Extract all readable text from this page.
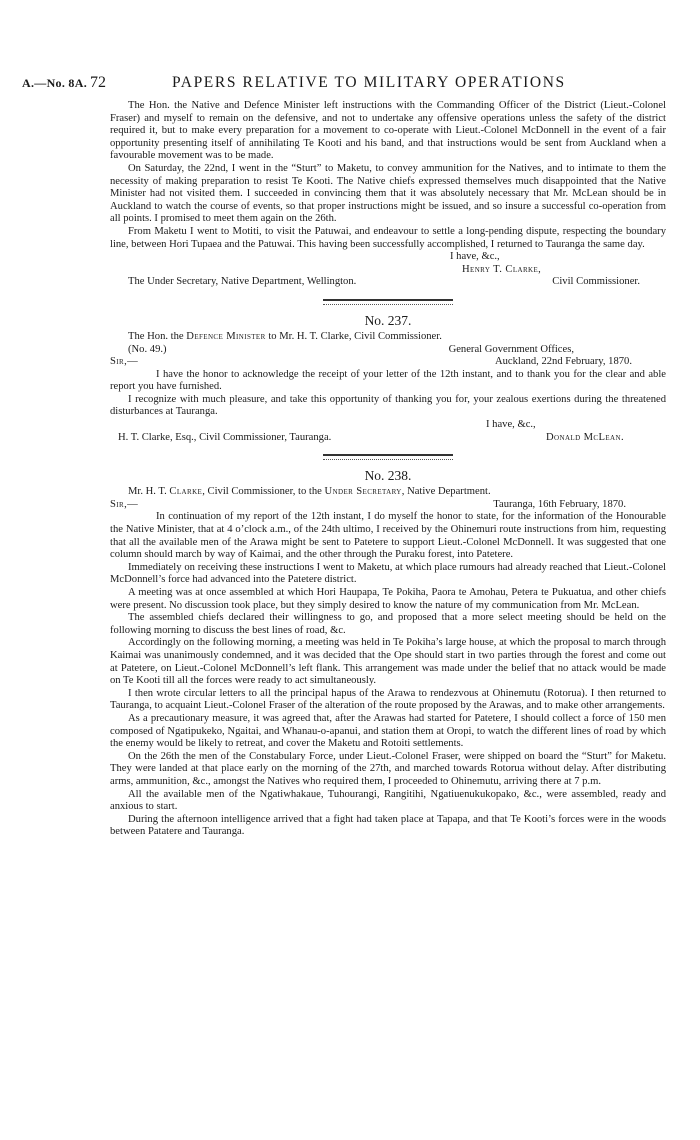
A.—No. 8A. 72	PAPERS RELATIVE TO MILITARY OPERATIONS

The Hon. the Native and Defence Minister left instructions with the Commanding Officer of the District (Lieut.-Colonel Fraser) and myself to remain on the defensive, and not to undertake any offensive operations unless the safety of the district required it, but to make every preparation for a movement to co-operate with Lieut.-Colonel McDonnell in the event of a fair opportunity presenting itself of annihilating Te Kooti and his band, and that instructions would be sent from Auckland when a favourable movement was to be made.

On Saturday, the 22nd, I went in the “Sturt” to Maketu, to convey ammunition for the Natives, and to intimate to them the necessity of making preparation to resist Te Kooti. The Native chiefs expressed themselves much disappointed that the Native Minister had not visited them. I succeeded in convincing them that it was absolutely necessary that Mr. McLean should be in Auckland to watch the course of events, so that proper instructions might be issued, and so insure a successful co-operation from all points. I promised to meet them again on the 26th.

From Maketu I went to Motiti, to visit the Patuwai, and endeavour to settle a long-pending dispute, respecting the boundary line, between Hori Tupaea and the Patuwai. This having been successfully accomplished, I returned to Tauranga the same day.

I have, &c.,
Henry T. Clarke,
The Under Secretary, Native Department, Wellington.	Civil Commissioner.
No. 237.
The Hon. the Defence Minister to Mr. H. T. Clarke, Civil Commissioner.
(No. 49.)	General Government Offices,
Sir,—	Auckland, 22nd February, 1870.

I have the honor to acknowledge the receipt of your letter of the 12th instant, and to thank you for the clear and able report you have furnished.

I recognize with much pleasure, and take this opportunity of thanking you for, your zealous exertions during the threatened disturbances at Tauranga.

I have, &c.,
H. T. Clarke, Esq., Civil Commissioner, Tauranga.	Donald McLean.
No. 238.
Mr. H. T. Clarke, Civil Commissioner, to the Under Secretary, Native Department.
Sir,—	Tauranga, 16th February, 1870.

In continuation of my report of the 12th instant, I do myself the honor to state, for the information of the Honourable the Native Minister, that at 4 o’clock a.m., of the 24th ultimo, I received by the Ohinemuri route instructions from him, requesting that all the available men of the Arawa might be sent to Patetere to support Lieut.-Colonel McDonnell. It was suggested that one column should march by way of Kaimai, and the other through the Puraku forest, into Patetere.

Immediately on receiving these instructions I went to Maketu, at which place rumours had already reached that Lieut.-Colonel McDonnell’s force had advanced into the Patetere district.

A meeting was at once assembled at which Hori Haupapa, Te Pokiha, Paora te Amohau, Petera te Pukuatua, and other chiefs were present. No discussion took place, but they simply desired to know the nature of my communication from Mr. McLean.

The assembled chiefs declared their willingness to go, and proposed that a more select meeting should be held on the following morning to discuss the best lines of road, &c.

Accordingly on the following morning, a meeting was held in Te Pokiha’s large house, at which the proposal to march through Kaimai was unanimously condemned, and it was decided that the Ope should start in two parties through the forest and come out at Patetere, on Lieut.-Colonel McDonnell’s left flank. This arrangement was made under the belief that no attack would be made on Te Kooti till all the forces were ready to act simultaneously.

I then wrote circular letters to all the principal hapus of the Arawa to rendezvous at Ohinemutu (Rotorua). I then returned to Tauranga, to acquaint Lieut.-Colonel Fraser of the alteration of the route proposed by the Arawas, and to make other arrangements.

As a precautionary measure, it was agreed that, after the Arawas had started for Patetere, I should collect a force of 150 men composed of Ngatipukeko, Ngaitai, and Whanau-o-apanui, and station them at Oropi, to watch the different lines of road by which the enemy would be likely to retreat, and cover the Maketu and Rotoiti settlements.

On the 26th the men of the Constabulary Force, under Lieut.-Colonel Fraser, were shipped on board the “Sturt” for Maketu. They were landed at that place early on the morning of the 27th, and marched towards Rotorua without delay. After distributing arms, ammunition, &c., amongst the Natives who required them, I proceeded to Ohinemutu, arriving there at 7 p.m.

All the available men of the Ngatiwhakaue, Tuhourangi, Rangitihi, Ngatiuenukukopako, &c., were assembled, ready and anxious to start.

During the afternoon intelligence arrived that a fight had taken place at Tapapa, and that Te Kooti’s forces were in the woods between Patatere and Tauranga.
